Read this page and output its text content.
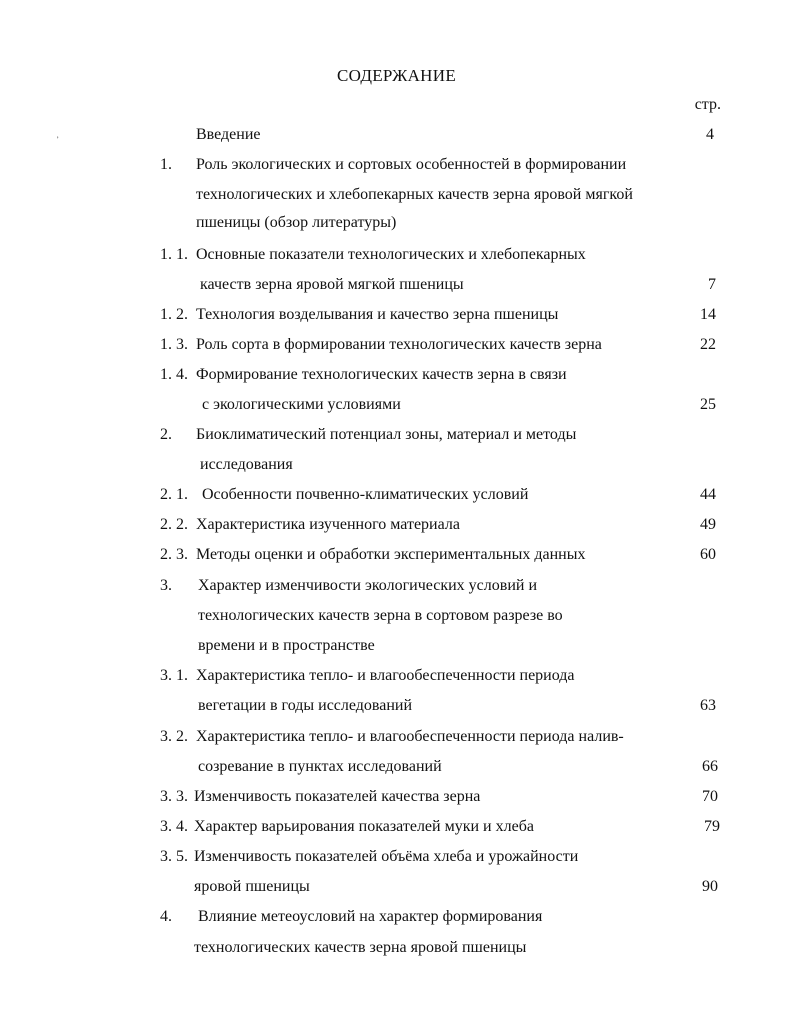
СОДЕРЖАНИЕ
стр.
Введение	4
1. Роль экологических и сортовых особенностей в формировании
технологических и хлебопекарных качеств зерна яровой мягкой
пшеницы (обзор литературы)
1. 1. Основные показатели технологических и хлебопекарных
качеств зерна яровой мягкой пшеницы	7
1. 2. Технология возделывания и качество зерна пшеницы	14
1. 3. Роль сорта в формировании технологических качеств зерна	22
1. 4. Формирование технологических качеств зерна в связи
с экологическими условиями	25
2. Биоклиматический потенциал зоны, материал и методы
исследования
2. 1. Особенности почвенно-климатических условий	44
2. 2. Характеристика изученного материала	49
2. 3. Методы оценки и обработки экспериментальных данных	60
3. Характер изменчивости экологических условий и
технологических качеств зерна в сортовом разрезе во
времени и в пространстве
3. 1. Характеристика тепло- и влагообеспеченности периода
вегетации в годы исследований	63
3. 2. Характеристика тепло- и влагообеспеченности периода налив-
созревание в пунктах исследований	66
3. 3. Изменчивость показателей качества зерна	70
3. 4. Характер варьирования показателей муки и хлеба	79
3. 5. Изменчивость показателей объёма хлеба и урожайности
яровой пшеницы	90
4. Влияние метеоусловий на характер формирования
технологических качеств зерна яровой пшеницы
᾽
